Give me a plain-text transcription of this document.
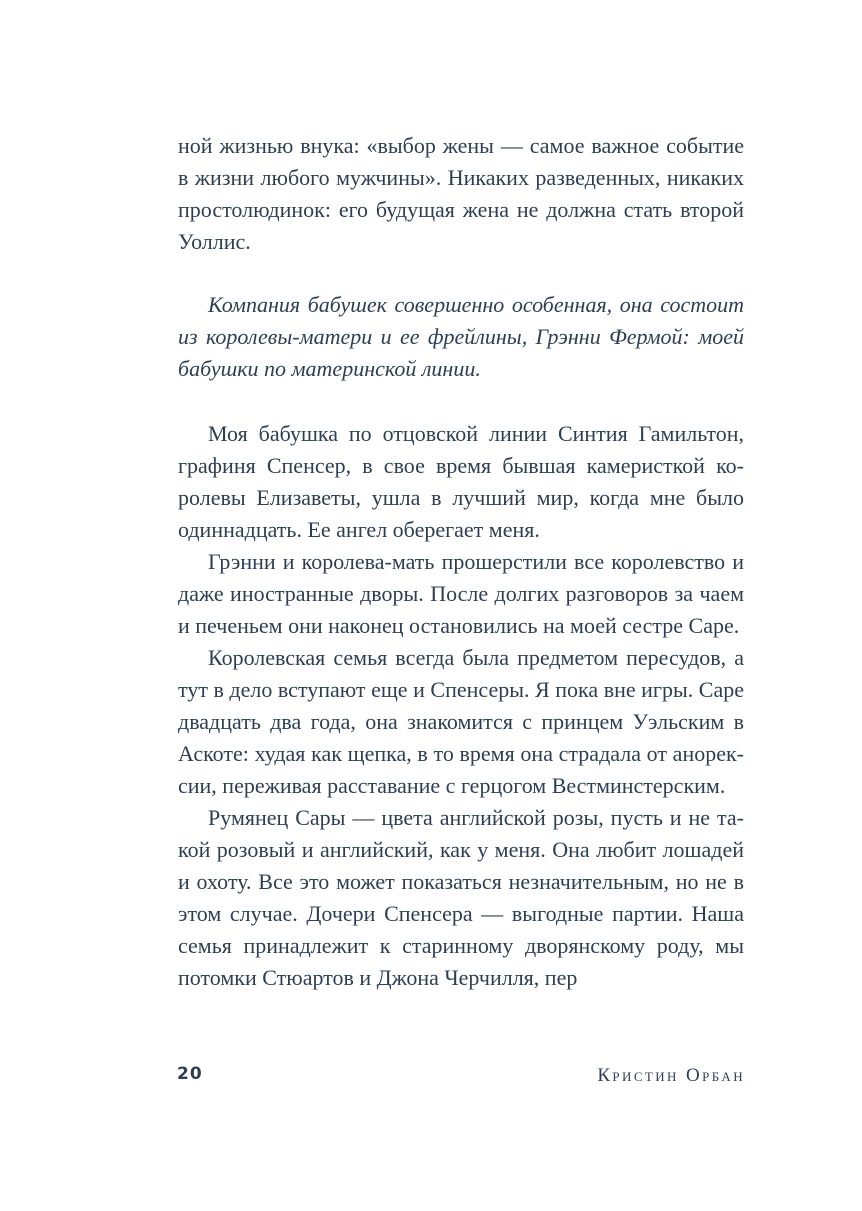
ной жизнью внука: «выбор жены — самое важное событие в жизни любого мужчины». Никаких разведенных, никаких простолюдинок: его будущая жена не должна стать второй Уоллис.

Компания бабушек совершенно особенная, она состоит из королевы-матери и ее фрейлины, Грэнни Фермой: моей бабушки по материнской линии.

Моя бабушка по отцовской линии Синтия Гамильтон, графиня Спенсер, в свое время бывшая камеристкой королевы Елизаветы, ушла в лучший мир, когда мне было одиннадцать. Ее ангел оберегает меня.

Грэнни и королева-мать прошерстили все королевство и даже иностранные дворы. После долгих разговоров за чаем и печеньем они наконец остановились на моей сестре Саре.

Королевская семья всегда была предметом пересудов, а тут в дело вступают еще и Спенсеры. Я пока вне игры. Саре двадцать два года, она знакомится с принцем Уэльским в Аскоте: худая как щепка, в то время она страдала от анорексии, переживая расставание с герцогом Вестминстерским.

Румянец Сары — цвета английской розы, пусть и не такой розовый и английский, как у меня. Она любит лошадей и охоту. Все это может показаться незначительным, но не в этом случае. Дочери Спенсера — выгодные партии. Наша семья принадлежит к старинному дворянскому роду, мы потомки Стюартов и Джона Черчилля, пер

20	Кристин Орбан
